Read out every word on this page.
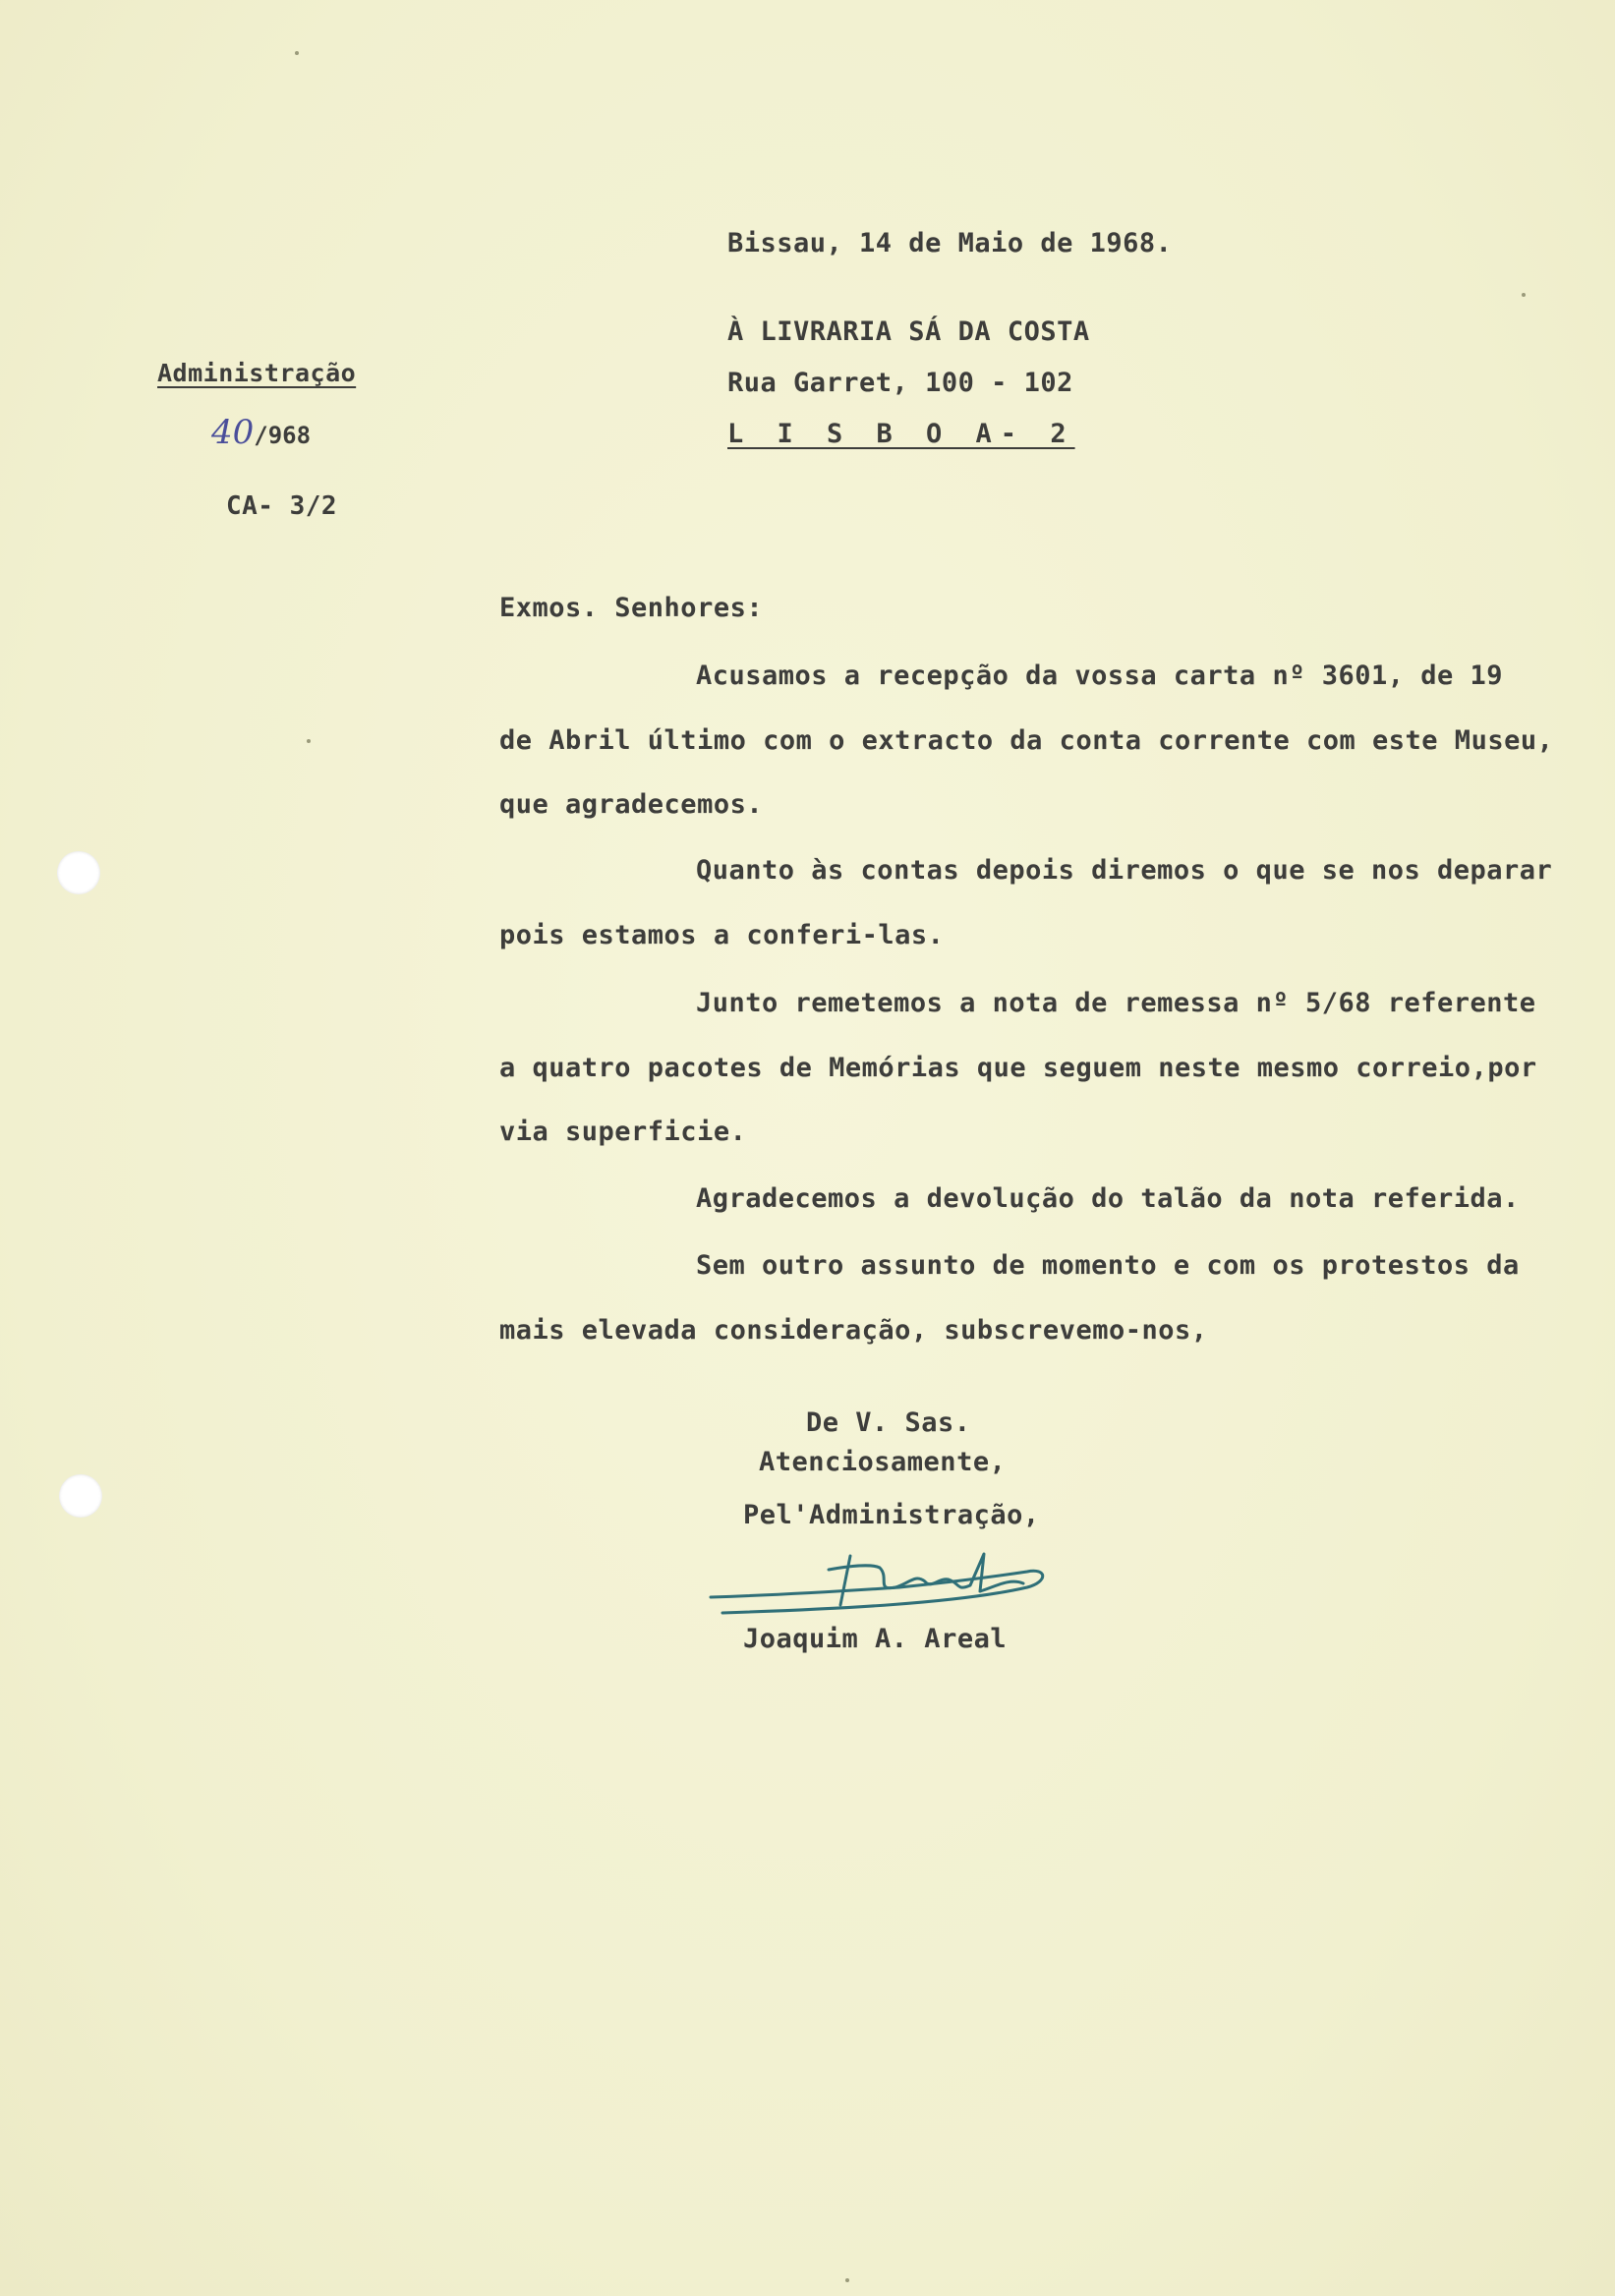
Bissau, 14 de Maio de 1968.
À LIVRARIA SÁ DA COSTA
Rua Garret, 100 - 102
L I S B O A- 2
Administração
40/968
CA- 3/2
Exmos. Senhores:
Acusamos a recepção da vossa carta nº 3601, de 19
de Abril último com o extracto da conta corrente com este Museu,
que agradecemos.
Quanto às contas depois diremos o que se nos deparar
pois estamos a conferi-las.
Junto remetemos a nota de remessa nº 5/68 referente
a quatro pacotes de Memórias que seguem neste mesmo correio,por
via superficie.
Agradecemos a devolução do talão da nota referida.
Sem outro assunto de momento e com os protestos da
mais elevada consideração, subscrevemo-nos,
De V. Sas.
Atenciosamente,
Pel'Administração,
Joaquim A. Areal
